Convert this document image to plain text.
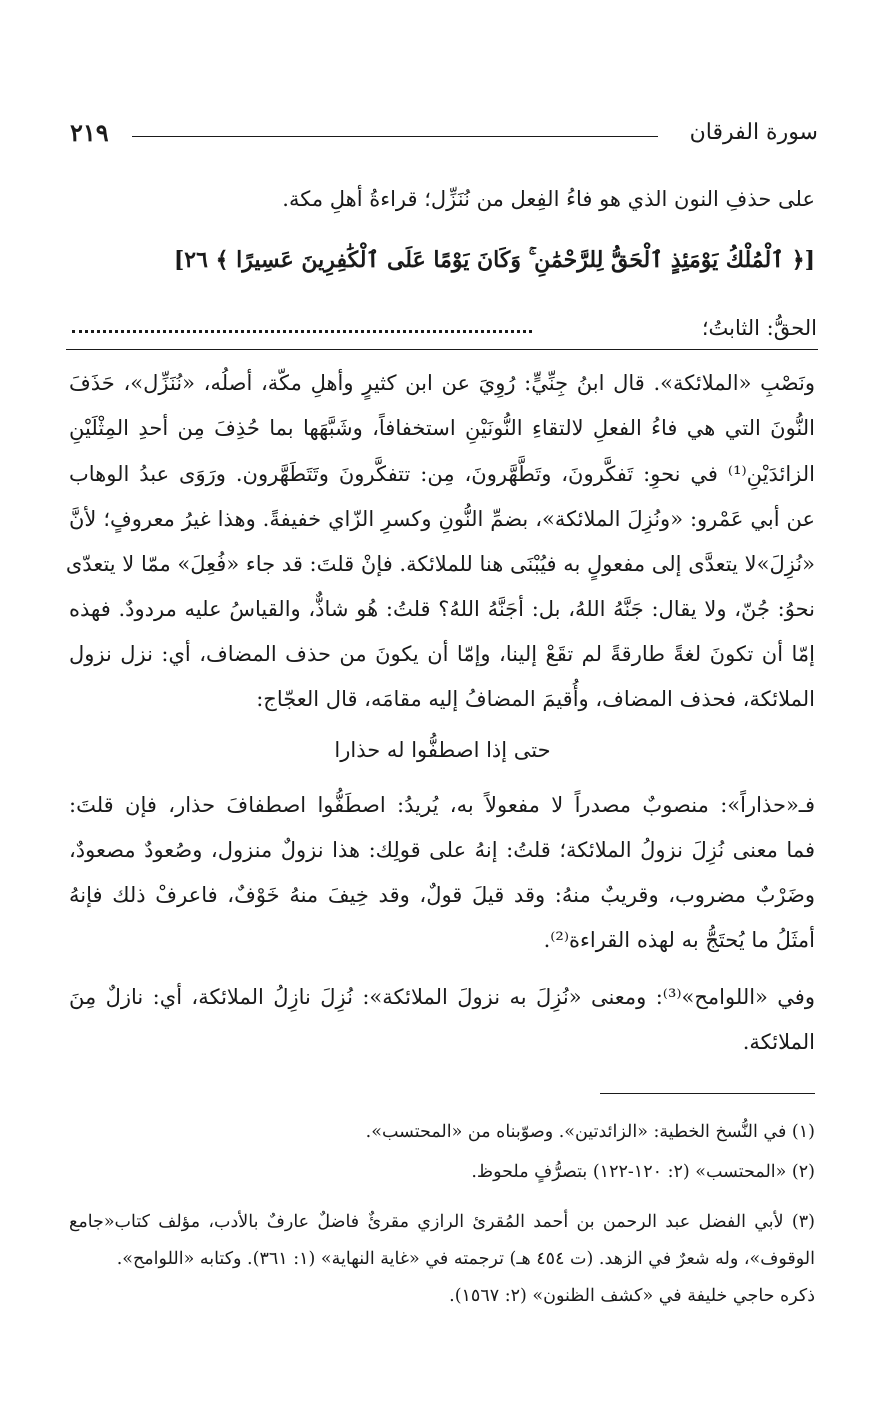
سورة الفرقان
٢١٩
على حذفِ النون الذي هو فاءُ الفِعل من نُنَزِّل؛ قراءةُ أهلِ مكة.
[﴿ ٱلْمُلْكُ يَوْمَئِذٍ ٱلْحَقُّ لِلرَّحْمَٰنِ ۚ وَكَانَ يَوْمًا عَلَى ٱلْكَٰفِرِينَ عَسِيرًا ﴾ ٢٦]
الحقُّ: الثابتُ؛
ونَصْبِ «الملائكة». قال ابنُ جِنِّيٍّ: رُوِيَ عن ابن كثيرٍ وأهلِ مكّة، أصلُه، «نُنَزِّل»، حَذَفَ
النُّونَ التي هي فاءُ الفعلِ لالتقاءِ النُّونَيْنِ استخفافاً، وشَبَّهَها بما حُذِفَ مِن أحدِ المِثْلَيْنِ
الزائدَيْنِ⁽¹⁾ في نحوِ: تَفكَّرونَ، وتَطَّهَّرونَ، مِن: تتفكَّرونَ وتَتَطَهَّرون. ورَوَى عبدُ الوهاب
عن أبي عَمْرو: «ونُزِلَ الملائكة»، بضمِّ النُّونِ وكسرِ الزّاي خفيفةً. وهذا غيرُ معروفٍ؛ لأنَّ
«نُزِلَ»لا يتعدَّى إلى مفعولٍ به فيُبْنَى هنا للملائكة. فإنْ قلتَ: قد جاء «فُعِلَ» ممّا لا يتعدّى
نحوُ: جُنّ، ولا يقال: جَنَّهُ اللهُ، بل: أجَنَّهُ اللهُ؟ قلتُ: هُو شاذٌّ، والقياسُ عليه مردودٌ. فهذه
إمّا أن تكونَ لغةً طارقةً لم تقَعْ إلينا، وإمّا أن يكونَ من حذف المضاف، أي: نزل نزول
الملائكة، فحذف المضاف، وأُقيمَ المضافُ إليه مقامَه، قال العجّاج:
حتى إذا اصطفُّوا له حذارا
فـ«حذاراً»: منصوبٌ مصدراً لا مفعولاً به، يُريدُ: اصطَفُّوا اصطفافَ حذار، فإن قلتَ:
فما معنى نُزِلَ نزولُ الملائكة؛ قلتُ: إنهُ على قولِك: هذا نزولٌ منزول، وصُعودٌ مصعودٌ،
وضَرْبٌ مضروب، وقريبٌ منهُ: وقد قيلَ قولٌ، وقد خِيفَ منهُ خَوْفٌ، فاعرفْ ذلك فإنهُ
أمثَلُ ما يُحتَجُّ به لهذه القراءة⁽²⁾.
وفي «اللوامح»⁽³⁾: ومعنى «نُزِلَ به نزولَ الملائكة»: نُزِلَ نازِلُ الملائكة، أي: نازلٌ مِنَ
الملائكة.
(١) في النُّسخ الخطية: «الزائدتين». وصوّبناه من «المحتسب».
(٢) «المحتسب» (٢: ١٢٠-١٢٢) بتصرُّفٍ ملحوظ.
(٣) لأبي الفضل عبد الرحمن بن أحمد المُقرئ الرازي مقرئٌ فاضلٌ عارفٌ بالأدب، مؤلف كتاب«جامع
الوقوف»، وله شعرٌ في الزهد. (ت ٤٥٤ هـ) ترجمته في «غاية النهاية» (١: ٣٦١). وكتابه «اللوامح».
ذكره حاجي خليفة في «كشف الظنون» (٢: ١٥٦٧).
